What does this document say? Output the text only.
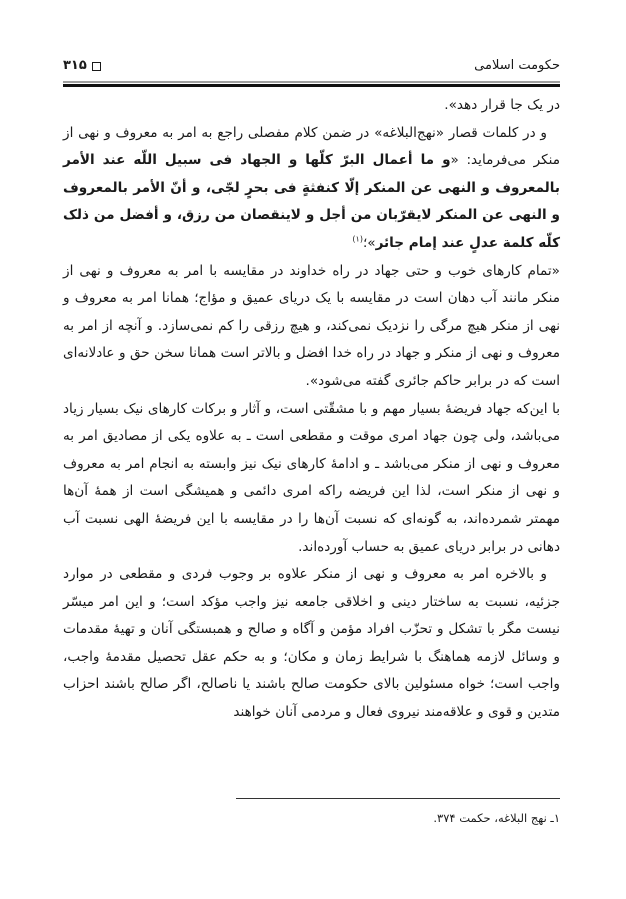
حکومت اسلامی
۳۱۵

در یک جا قرار دهد».

و در کلمات قصار «نهج‌البلاغه» در ضمن کلام مفصلی راجع به امر به معروف و نهی از منکر می‌فرماید: «و ما أعمال البرّ کلّها و الجهاد فی سبیل اللّه عند الأمر بالمعروف و النهی عن المنکر إلّا کنفثةٍ فی بحرٍ لجّی، و أنّ الأمر بالمعروف و النهی عن المنکر لایقرّبان من أجل و لاینقصان من رزق، و أفضل من ذلک کلّه کلمة عدلٍ عند إمام جائر»؛$^{(۱)}$

«تمام کارهای خوب و حتی جهاد در راه خداوند در مقایسه با امر به معروف و نهی از منکر مانند آب دهان است در مقایسه با یک دریای عمیق و مؤاج؛ همانا امر به معروف و نهی از منکر هیچ مرگی را نزدیک نمی‌کند، و هیچ رزقی را کم نمی‌سازد. و آنچه از امر به معروف و نهی از منکر و جهاد در راه خدا افضل و بالاتر است همانا سخن حق و عادلانه‌ای است که در برابر حاکم جائری گفته می‌شود».

با این‌که جهاد فریضهٔ بسیار مهم و با مشقّتی است، و آثار و برکات کارهای نیک بسیار زیاد می‌باشد، ولی چون جهاد امری موقت و مقطعی است ـ به علاوه یکی از مصادیق امر به معروف و نهی از منکر می‌باشد ـ و ادامهٔ کارهای نیک نیز وابسته به انجام امر به معروف و نهی از منکر است، لذا این فریضه راکه امری دائمی و همیشگی است از همهٔ آن‌ها مهمتر شمرده‌اند، به گونه‌ای که نسبت آن‌ها را در مقایسه با این فریضهٔ الهی نسبت آب دهانی در برابر دریای عمیق به حساب آورده‌اند.

و بالاخره امر به معروف و نهی از منکر علاوه بر وجوب فردی و مقطعی در موارد جزئیه، نسبت به ساختار دینی و اخلاقی جامعه نیز واجب مؤکد است؛ و این امر میسّر نیست مگر با تشکل و تحزّب افراد مؤمن و آگاه و صالح و همبستگی آنان و تهیهٔ مقدمات و وسائل لازمه هماهنگ با شرایط زمان و مکان؛ و به حکم عقل تحصیل مقدمهٔ واجب، واجب است؛ خواه مسئولین بالای حکومت صالح باشند یا ناصالح، اگر صالح باشند احزاب متدین و قوی و علاقه‌مند نیروی فعال و مردمی آنان خواهند

۱ـ نهج البلاغه، حکمت ۳۷۴.
